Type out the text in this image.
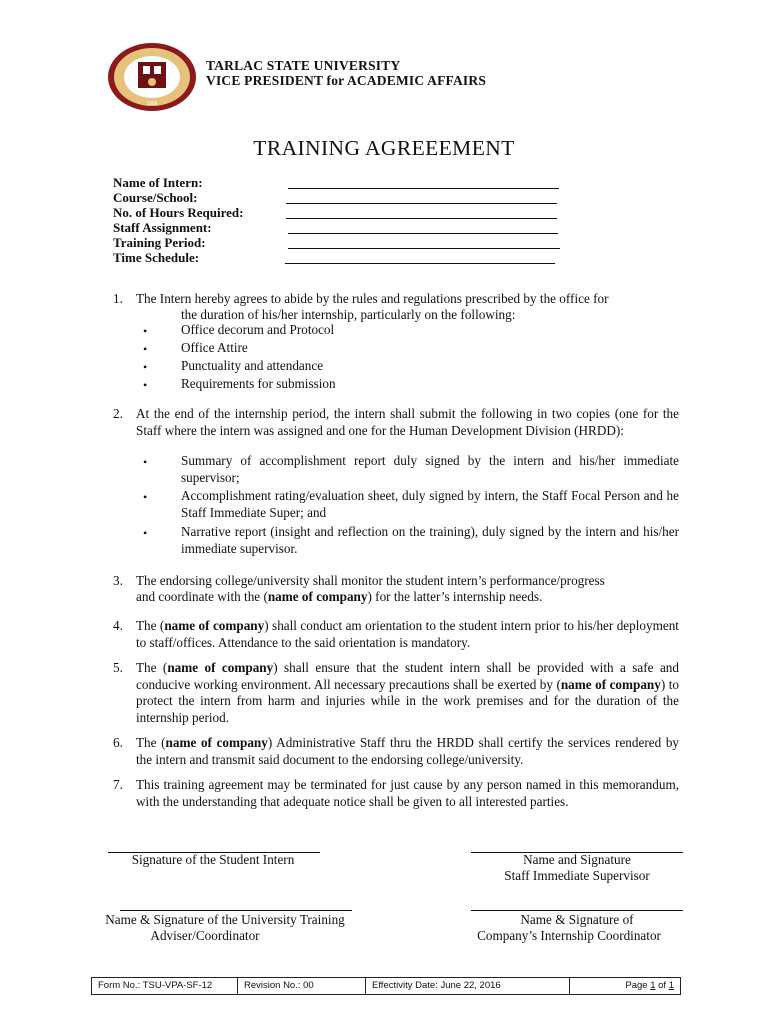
1906
TARLAC STATE UNIVERSITY
VICE PRESIDENT for ACADEMIC AFFAIRS
TRAINING AGREEEMENT
Name of Intern:
Course/School:
No. of Hours Required:
Staff Assignment:
Training Period:
Time Schedule:
1. The Intern hereby agrees to abide by the rules and regulations prescribed by the office for
the duration of his/her internship, particularly on the following:
•	Office decorum and Protocol
•	Office Attire
•	Punctuality and attendance
•	Requirements for submission
2. At the end of the internship period, the intern shall submit the following in two copies (one for the Staff where the intern was assigned and one for the Human Development Division (HRDD):
•	Summary of accomplishment report duly signed by the intern and his/her immediate supervisor;
•	Accomplishment rating/evaluation sheet, duly signed by intern, the Staff Focal Person and he Staff Immediate Super; and
•	Narrative report (insight and reflection on the training), duly signed by the intern and his/her immediate supervisor.
3. The endorsing college/university shall monitor the student intern’s performance/progress
and coordinate with the (name of company) for the latter’s internship needs.
4. The (name of company) shall conduct am orientation to the student intern prior to his/her deployment to staff/offices. Attendance to the said orientation is mandatory.
5. The (name of company) shall ensure that the student intern shall be provided with a safe and conducive working environment. All necessary precautions shall be exerted by (name of company) to protect the intern from harm and injuries while in the work premises and for the duration of the internship period.
6. The (name of company) Administrative Staff thru the HRDD shall certify the services rendered by the intern and transmit said document to the endorsing college/university.
7. This training agreement may be terminated for just cause by any person named in this memorandum, with the understanding that adequate notice shall be given to all interested parties.
Signature of the Student Intern	Name and Signature
Staff Immediate Supervisor
Name & Signature of the University Training
Adviser/Coordinator
Name & Signature of
Company’s Internship Coordinator
Form No.: TSU-VPA-SF-12	Revision No.: 00	Effectivity Date: June 22, 2016	Page 1 of 1
